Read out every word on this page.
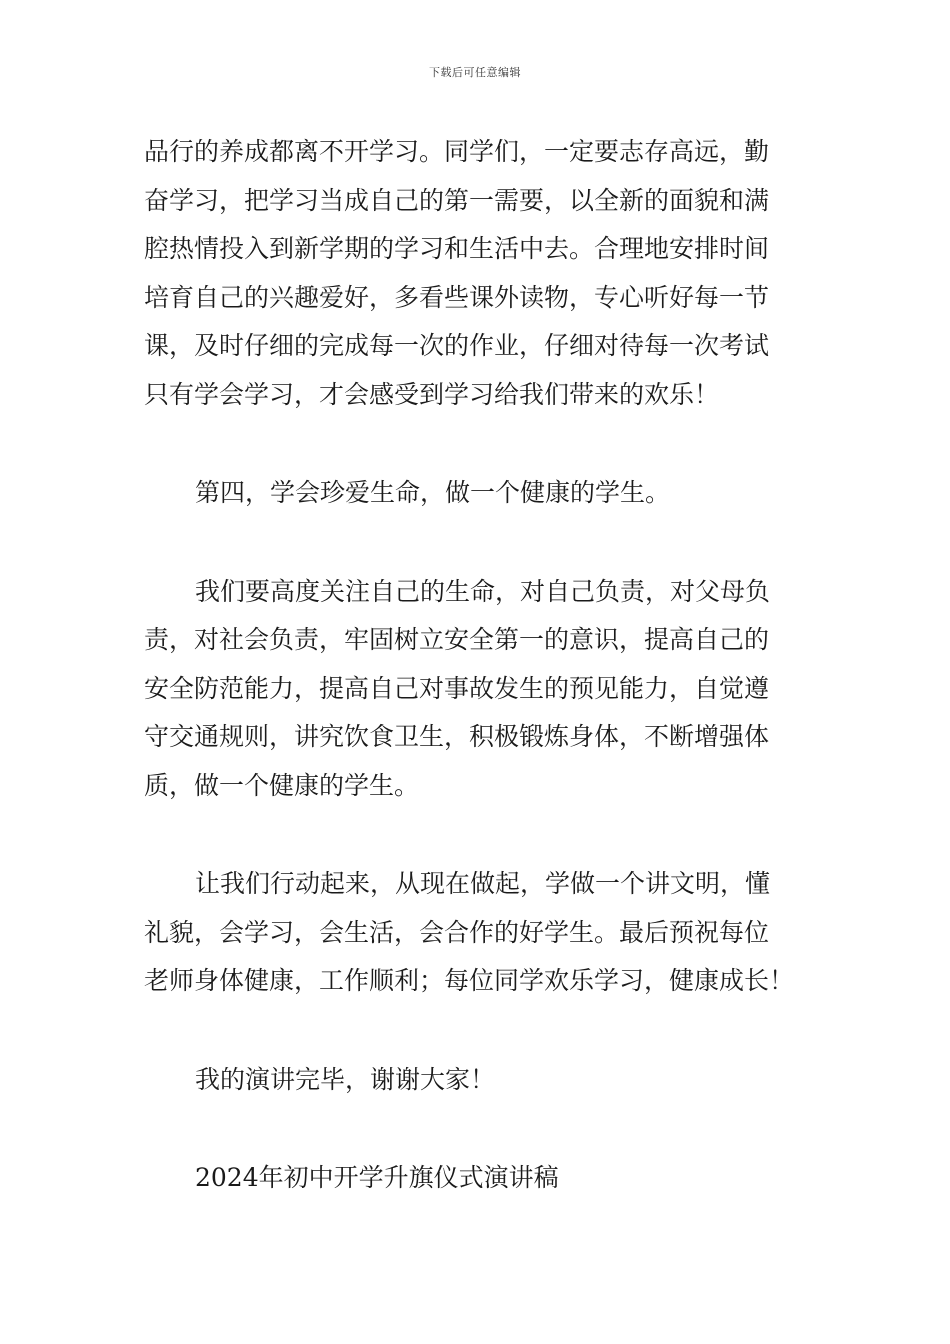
下载后可任意编辑

品行的养成都离不开学习。同学们，一定要志存高远，勤
奋学习，把学习当成自己的第一需要，以全新的面貌和满
腔热情投入到新学期的学习和生活中去。合理地安排时间
培育自己的兴趣爱好，多看些课外读物，专心听好每一节
课，及时仔细的完成每一次的作业，仔细对待每一次考试
只有学会学习，才会感受到学习给我们带来的欢乐！

第四，学会珍爱生命，做一个健康的学生。

我们要高度关注自己的生命，对自己负责，对父母负
责，对社会负责，牢固树立安全第一的意识，提高自己的
安全防范能力，提高自己对事故发生的预见能力，自觉遵
守交通规则，讲究饮食卫生，积极锻炼身体，不断增强体
质，做一个健康的学生。

让我们行动起来，从现在做起，学做一个讲文明，懂
礼貌，会学习，会生活，会合作的好学生。最后预祝每位
老师身体健康，工作顺利；每位同学欢乐学习，健康成长！

我的演讲完毕，谢谢大家！

2024年初中开学升旗仪式演讲稿
